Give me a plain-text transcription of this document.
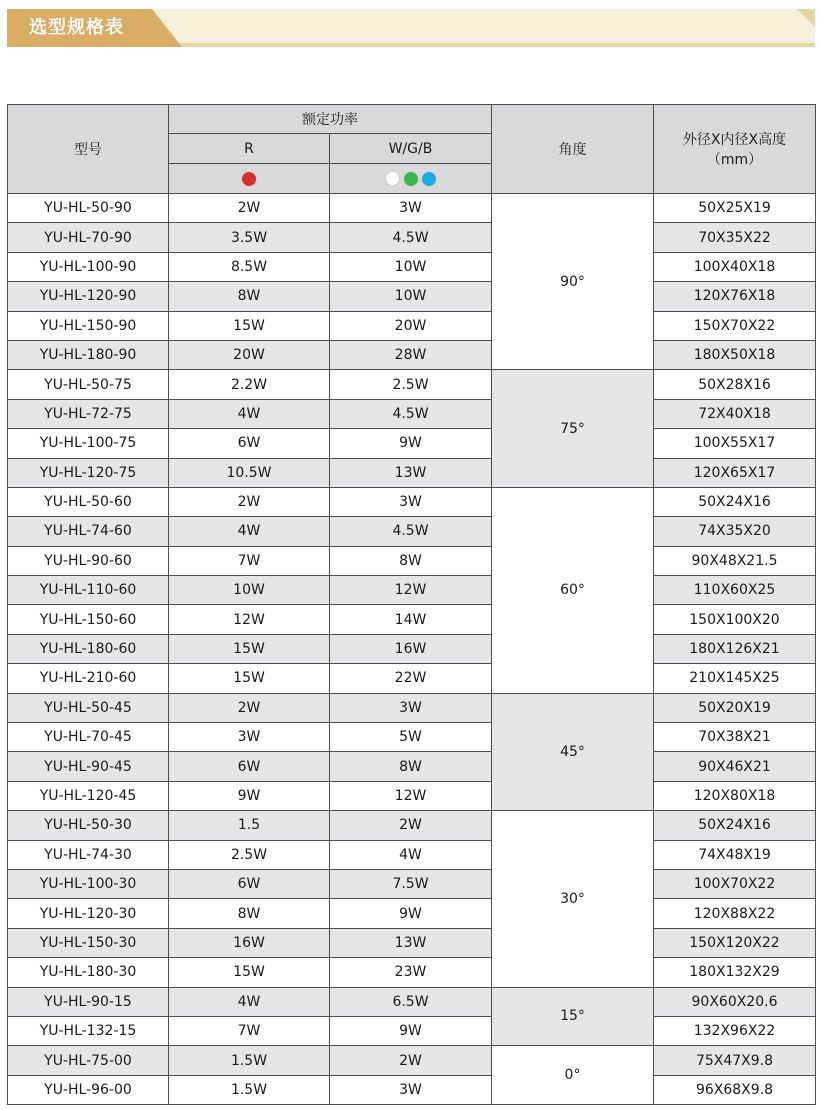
选型规格表
型号	额定功率		角度	外径X内径X高度
（mm）

	R	W/G/B		

YU-HL-50-90	2W	3W	90°	50X25X19
YU-HL-70-90	3.5W	4.5W		70X35X22
YU-HL-100-90	8.5W	10W		100X40X18
YU-HL-120-90	8W	10W		120X76X18
YU-HL-150-90	15W	20W		150X70X22
YU-HL-180-90	20W	28W		180X50X18
YU-HL-50-75	2.2W	2.5W	75°	50X28X16
YU-HL-72-75	4W	4.5W		72X40X18
YU-HL-100-75	6W	9W		100X55X17
YU-HL-120-75	10.5W	13W		120X65X17
YU-HL-50-60	2W	3W	60°	50X24X16
YU-HL-74-60	4W	4.5W		74X35X20
YU-HL-90-60	7W	8W		90X48X21.5
YU-HL-110-60	10W	12W		110X60X25
YU-HL-150-60	12W	14W		150X100X20
YU-HL-180-60	15W	16W		180X126X21
YU-HL-210-60	15W	22W		210X145X25
YU-HL-50-45	2W	3W	45°	50X20X19
YU-HL-70-45	3W	5W		70X38X21
YU-HL-90-45	6W	8W		90X46X21
YU-HL-120-45	9W	12W		120X80X18
YU-HL-50-30	1.5	2W	30°	50X24X16
YU-HL-74-30	2.5W	4W		74X48X19
YU-HL-100-30	6W	7.5W		100X70X22
YU-HL-120-30	8W	9W		120X88X22
YU-HL-150-30	16W	13W		150X120X22
YU-HL-180-30	15W	23W		180X132X29
YU-HL-90-15	4W	6.5W	15°	90X60X20.6
YU-HL-132-15	7W	9W		132X96X22
YU-HL-75-00	1.5W	2W	0°	75X47X9.8
YU-HL-96-00	1.5W	3W		96X68X9.8
